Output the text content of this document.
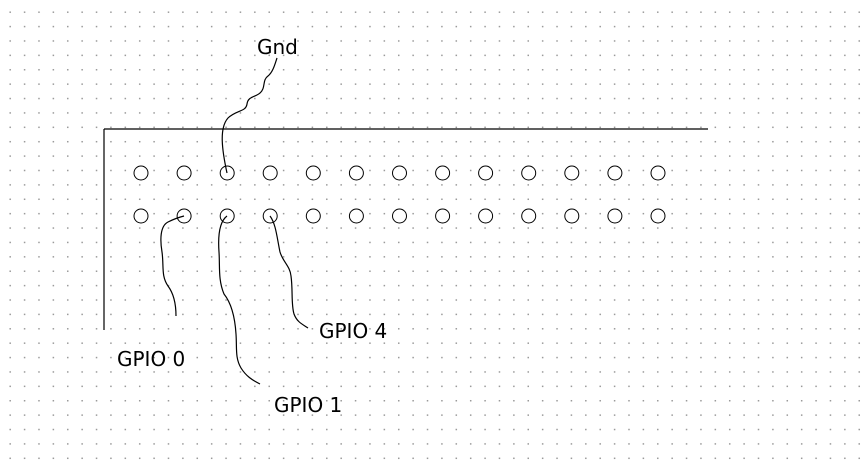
Gnd
GPIO 0
GPIO 1
GPIO 4
